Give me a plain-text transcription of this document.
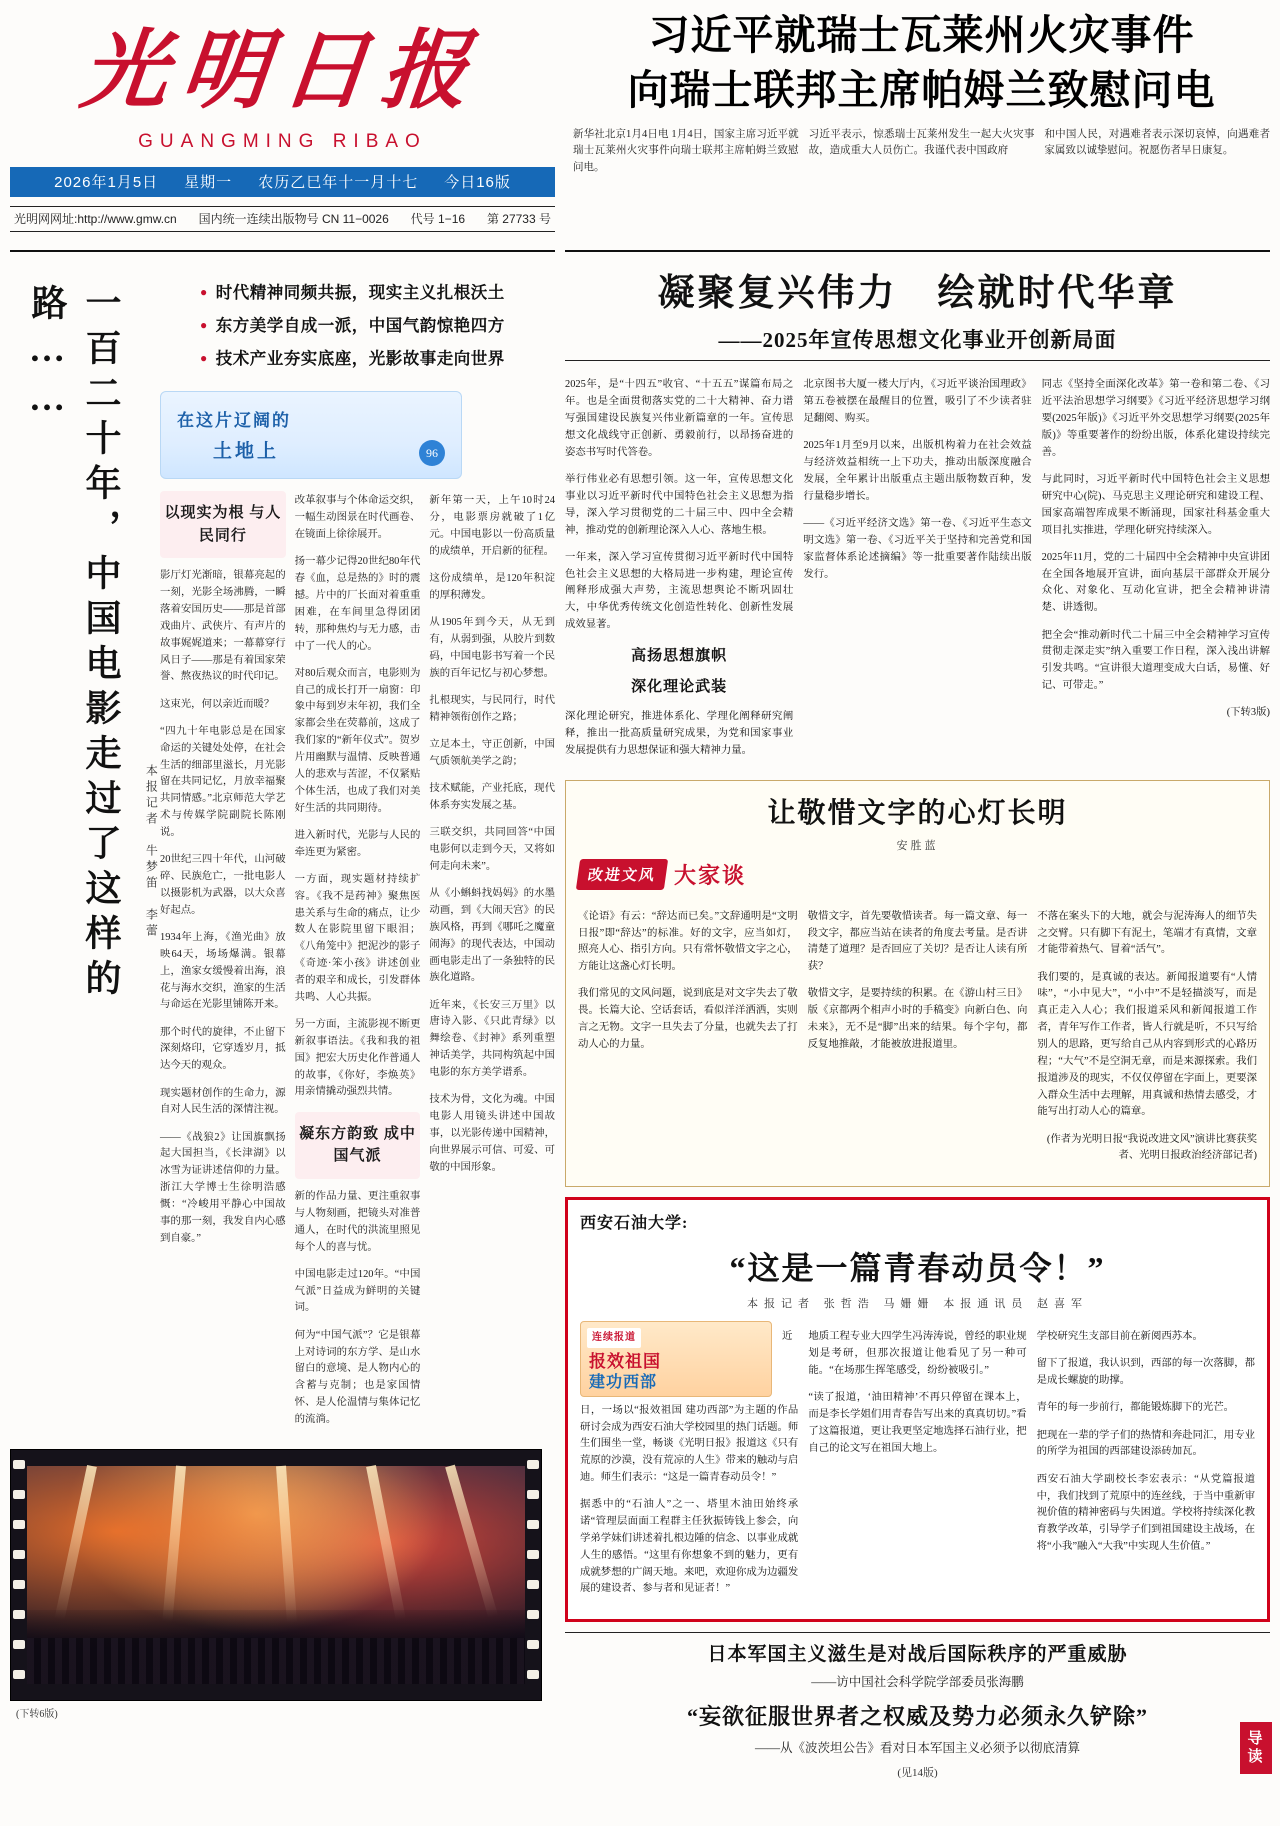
光明日报
GUANGMING RIBAO
2026年1月5日 星期一 农历乙巳年十一月十七 今日16版
光明网网址:http://www.gmw.cn 国内统一连续出版物号 CN 11−0026 代号 1−16 第 27733 号
习近平就瑞士瓦莱州火灾事件
向瑞士联邦主席帕姆兰致慰问电
新华社北京1月4日电 1月4日，国家主席习近平就瑞士瓦莱州火灾事件向瑞士联邦主席帕姆兰致慰问电。
习近平表示，惊悉瑞士瓦莱州发生一起大火灾事故，造成重大人员伤亡。我谨代表中国政府
和中国人民，对遇难者表示深切哀悼，向遇难者家属致以诚挚慰问。祝愿伤者早日康复。
● 时代精神同频共振，现实主义扎根沃土
● 东方美学自成一派，中国气韵惊艳四方
● 技术产业夯实底座，光影故事走向世界
一百二十年，中国电影走过了这样的路……
本报记者　牛梦笛　李蕾
在这片辽阔的
土地上	96
以现实为根 与人民同行

影厅灯光渐暗，银幕亮起的一刻，光影全场沸腾，一瞬落着安国历史——那是首部戏曲片、武侠片、有声片的故事娓娓道来；一幕幕穿行风日子——那是有着国家荣誉、熬夜热议的时代印记。

这束光，何以亲近而暖？

“四九十年电影总是在国家命运的关键处处停，在社会生活的细部里滋长，月光影留在共同记忆，月放幸福聚共同情感。”北京师范大学艺术与传媒学院副院长陈刚说。

20世纪三四十年代，山河破碎、民族危亡，一批电影人以摄影机为武器，以大众喜好起点。

1934年上海，《渔光曲》放映64天，场场爆满。银幕上，渔家女缓慢着出海，浪花与海水交织，渔家的生活与命运在光影里铺陈开来。

那个时代的旋律，不止留下深刻烙印，它穿透岁月，抵达今天的观众。

现实题材创作的生命力，源自对人民生活的深情注视。

——《战狼2》让国旗飘扬起大国担当，《长津湖》以冰雪为证讲述信仰的力量。浙江大学博士生徐明浩感慨：“冷峻用平静心中国故事的那一刻，我发自内心感到自豪。”

改革叙事与个体命运交织，一幅生动图景在时代画卷、在镜面上徐徐展开。

扬一幕少记得20世纪80年代春《血，总是热的》时的震撼。片中的厂长面对着重重困难，在车间里急得团团转，那种焦灼与无力感，击中了一代人的心。

对80后观众而言，电影则为自己的成长打开一扇窗：印象中每到岁末年初，我们全家都会坐在荧幕前，这成了我们家的“新年仪式”。贺岁片用幽默与温情、反映普通人的悲欢与苦涩，不仅紧贴个体生活，也成了我们对美好生活的共同期待。

进入新时代，光影与人民的牵连更为紧密。

一方面，现实题材持续扩容。《我不是药神》聚焦医患关系与生命的痛点，让少数人在影院里留下眼泪；《八角笼中》把泥沙的影子《奇迹·笨小孩》讲述创业者的艰辛和成长，引发群体共鸣、人心共振。

另一方面，主流影视不断更新叙事语法。《我和我的祖国》把宏大历史化作普通人的故事，《你好，李焕英》用亲情撬动强烈共情。

凝东方韵致 成中国气派

新的作品力量、更注重叙事与人物刻画，把镜头对准普通人，在时代的洪流里照见每个人的喜与忧。

中国电影走过120年。“中国气派”日益成为鲜明的关键词。

何为“中国气派”？它是银幕上对诗词的东方学、是山水留白的意境、是人物内心的含蓄与克制；也是家国情怀、是人伦温情与集体记忆的流淌。

新年第一天，上午10时24分，电影票房就破了1亿元。中国电影以一份高质量的成绩单，开启新的征程。

这份成绩单，是120年积淀的厚积薄发。

从1905年到今天，从无到有，从弱到强，从胶片到数码，中国电影书写着一个民族的百年记忆与初心梦想。

扎根现实，与民同行，时代精神领衔创作之路；

立足本土，守正创新，中国气质领航美学之韵；

技术赋能，产业托底，现代体系夯实发展之基。

三联交织，共同回答“中国电影何以走到今天，又将如何走向未来”。

从《小蝌蚪找妈妈》的水墨动画，到《大闹天宫》的民族风格，再到《哪吒之魔童闹海》的现代表达，中国动画电影走出了一条独特的民族化道路。

近年来，《长安三万里》以唐诗入影、《只此青绿》以舞绘卷、《封神》系列重塑神话美学，共同构筑起中国电影的东方美学谱系。

技术为骨，文化为魂。中国电影人用镜头讲述中国故事，以光影传递中国精神，向世界展示可信、可爱、可敬的中国形象。

(下转6版)
凝聚复兴伟力　绘就时代华章
——2025年宣传思想文化事业开创新局面

2025年，是“十四五”收官、“十五五”谋篇布局之年。也是全面贯彻落实党的二十大精神、奋力谱写强国建设民族复兴伟业新篇章的一年。宣传思想文化战线守正创新、勇毅前行，以昂扬奋进的姿态书写时代答卷。

举行伟业必有思想引领。这一年，宣传思想文化事业以习近平新时代中国特色社会主义思想为指导，深入学习贯彻党的二十届三中、四中全会精神，推动党的创新理论深入人心、落地生根。

一年来，深入学习宣传贯彻习近平新时代中国特色社会主义思想的大格局进一步构建，理论宣传阐释形成强大声势，主流思想舆论不断巩固壮大，中华优秀传统文化创造性转化、创新性发展成效显著。

高扬思想旗帜
深化理论武装

深化理论研究，推进体系化、学理化阐释研究阐释，推出一批高质量研究成果，为党和国家事业发展提供有力思想保证和强大精神力量。

北京图书大厦一楼大厅内，《习近平谈治国理政》第五卷被摆在最醒目的位置，吸引了不少读者驻足翻阅、购买。

2025年1月至9月以来，出版机构着力在社会效益与经济效益相统一上下功夫，推动出版深度融合发展，全年累计出版重点主题出版物数百种，发行量稳步增长。

——《习近平经济文选》第一卷、《习近平生态文明文选》第一卷、《习近平关于坚持和完善党和国家监督体系论述摘编》等一批重要著作陆续出版发行。

同志《坚持全面深化改革》第一卷和第二卷、《习近平法治思想学习纲要》《习近平经济思想学习纲要(2025年版)》《习近平外交思想学习纲要(2025年版)》等重要著作的纷纷出版，体系化建设持续完善。

与此同时，习近平新时代中国特色社会主义思想研究中心(院)、马克思主义理论研究和建设工程、国家高端智库成果不断涌现，国家社科基金重大项目扎实推进，学理化研究持续深入。

2025年11月，党的二十届四中全会精神中央宣讲团在全国各地展开宣讲，面向基层干部群众开展分众化、对象化、互动化宣讲，把全会精神讲清楚、讲透彻。

把全会“推动新时代二十届三中全会精神学习宣传贯彻走深走实”纳入重要工作日程，深入浅出讲解引发共鸣。“宣讲很大道理变成大白话，易懂、好记、可带走。”

(下转3版)

让敬惜文字的心灯长明
安胜蓝
改进文风 大家谈

《论语》有云：“辞达而已矣。”文辞通明是“文明日报”即“辞达”的标准。好的文字，应当如灯，照亮人心、指引方向。只有常怀敬惜文字之心，方能让这盏心灯长明。

我们常见的文风问题，说到底是对文字失去了敬畏。长篇大论、空话套话，看似洋洋洒洒，实则言之无物。文字一旦失去了分量，也就失去了打动人心的力量。

敬惜文字，首先要敬惜读者。每一篇文章、每一段文字，都应当站在读者的角度去考量。是否讲清楚了道理？是否回应了关切？是否让人读有所获？

敬惜文字，是要持续的积累。在《游山村三日》版《京都两个相声小时的手稿变》向新白色、向未来》，无不是“脚”出来的结果。每个字句，都反复地推敲，才能被放进报道里。

不落在案头下的大地，就会与泥涛海人的细节失之交臂。只有脚下有泥土，笔端才有真情，文章才能带着热气、冒着“活气”。

我们要的，是真诚的表达。新闻报道要有“人情味”，“小中见大”，“小中”不是轻描淡写，而是真正走入人心；我们报道采风和新闻报道工作者，青年写作工作者，皆人行就是听，不只写给别人的思路，更写给自己从内容到形式的心路历程；“大气”不是空洞无章，而是来源探索。我们报道涉及的现实，不仅仅停留在字面上，更要深入群众生活中去理解，用真诚和热情去感受，才能写出打动人心的篇章。

(作者为光明日报“我说改进文风”演讲比赛获奖者、光明日报政治经济部记者)

西安石油大学:
“这是一篇青春动员令！”
本报记者 张哲浩 马姗姗 本报通讯员 赵喜军
连续报道
报效祖国
建功西部

近日，一场以“报效祖国 建功西部”为主题的作品研讨会成为西安石油大学校园里的热门话题。师生们围坐一堂，畅谈《光明日报》报道这《只有荒原的沙漠，没有荒凉的人生》带来的触动与启迪。师生们表示：“这是一篇青春动员令！”

据悉中的“石油人”之一、塔里木油田始终承诺“管理层面面工程群主任狄振铸钱上参会，向学弟学妹们讲述着扎根边陲的信念、以事业成就人生的感悟。“这里有你想象不到的魅力，更有成就梦想的广阔天地。来吧，欢迎你成为边疆发展的建设者、参与者和见证者！”

地质工程专业大四学生冯涛涛说，曾经的职业规划是考研，但那次报道让他看见了另一种可能。“在场那生挥笔感受，纷纷被吸引。”

“读了报道，‘油田精神’不再只停留在课本上，而是李长学姐们用青春告写出来的真真切切。”看了这篇报道，更让我更坚定地选择石油行业，把自己的论文写在祖国大地上。

学校研究生支部目前在新阅西苏本。

留下了报道，我认识到，西部的每一次落脚，都是成长螺旋的助撑。

青年的每一步前行，都能锻炼脚下的光芒。

把现在一辈的学子们的热情和奔赴同汇，用专业的所学为祖国的西部建设添砖加瓦。

西安石油大学副校长李宏表示：“从党篇报道中，我们找到了荒原中的连丝线，于当中重新审视价值的精神密码与失困道。学校将持续深化教育教学改革，引导学子们到祖国建设主战场，在将“小我”融入“大我”中实现人生价值。”

日本军国主义滋生是对战后国际秩序的严重威胁
——访中国社会科学院学部委员张海鹏
“妄欲征服世界者之权威及势力必须永久铲除”
——从《波茨坦公告》看对日本军国主义必须予以彻底清算
(见14版)
导读
